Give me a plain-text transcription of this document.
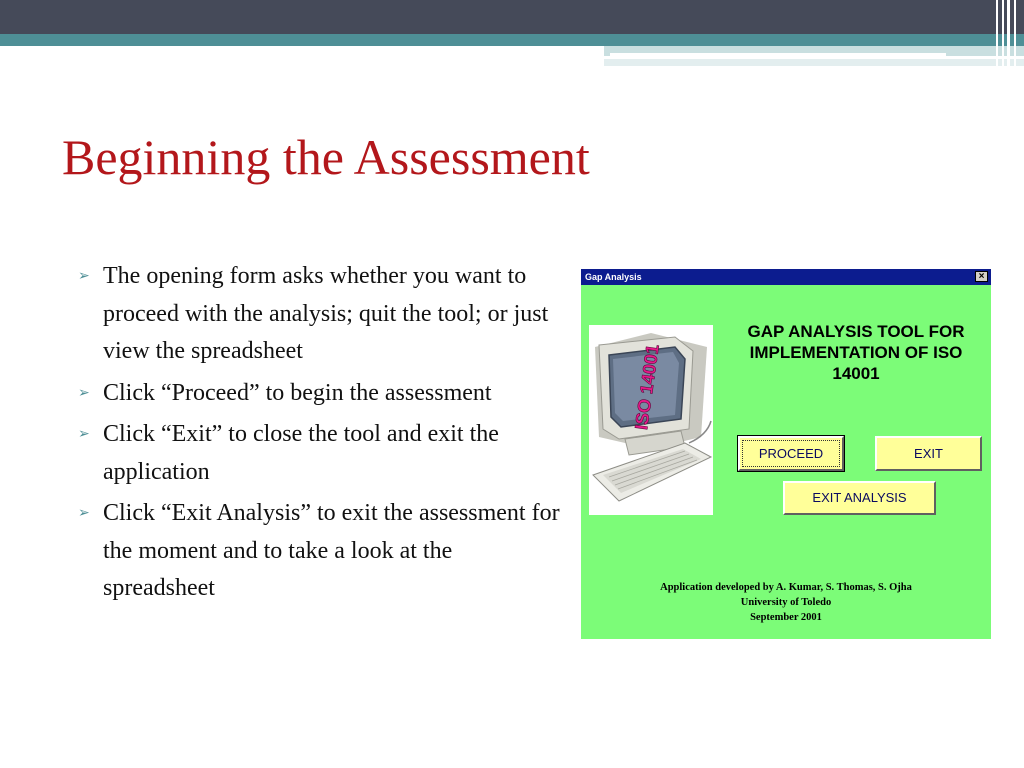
Beginning the Assessment
➢ The opening form asks whether you want to proceed with the analysis; quit the tool; or just view the spreadsheet
➢ Click “Proceed” to begin the assessment
➢ Click “Exit” to close the tool and exit the application
➢ Click “Exit Analysis” to exit the assessment for the moment and to take a look at the spreadsheet
Gap Analysis	×
ISO 14001

GAP ANALYSIS TOOL FOR IMPLEMENTATION OF ISO 14001

PROCEED	EXIT
EXIT ANALYSIS
Application developed by A. Kumar, S. Thomas, S. Ojha
University of Toledo
September 2001
